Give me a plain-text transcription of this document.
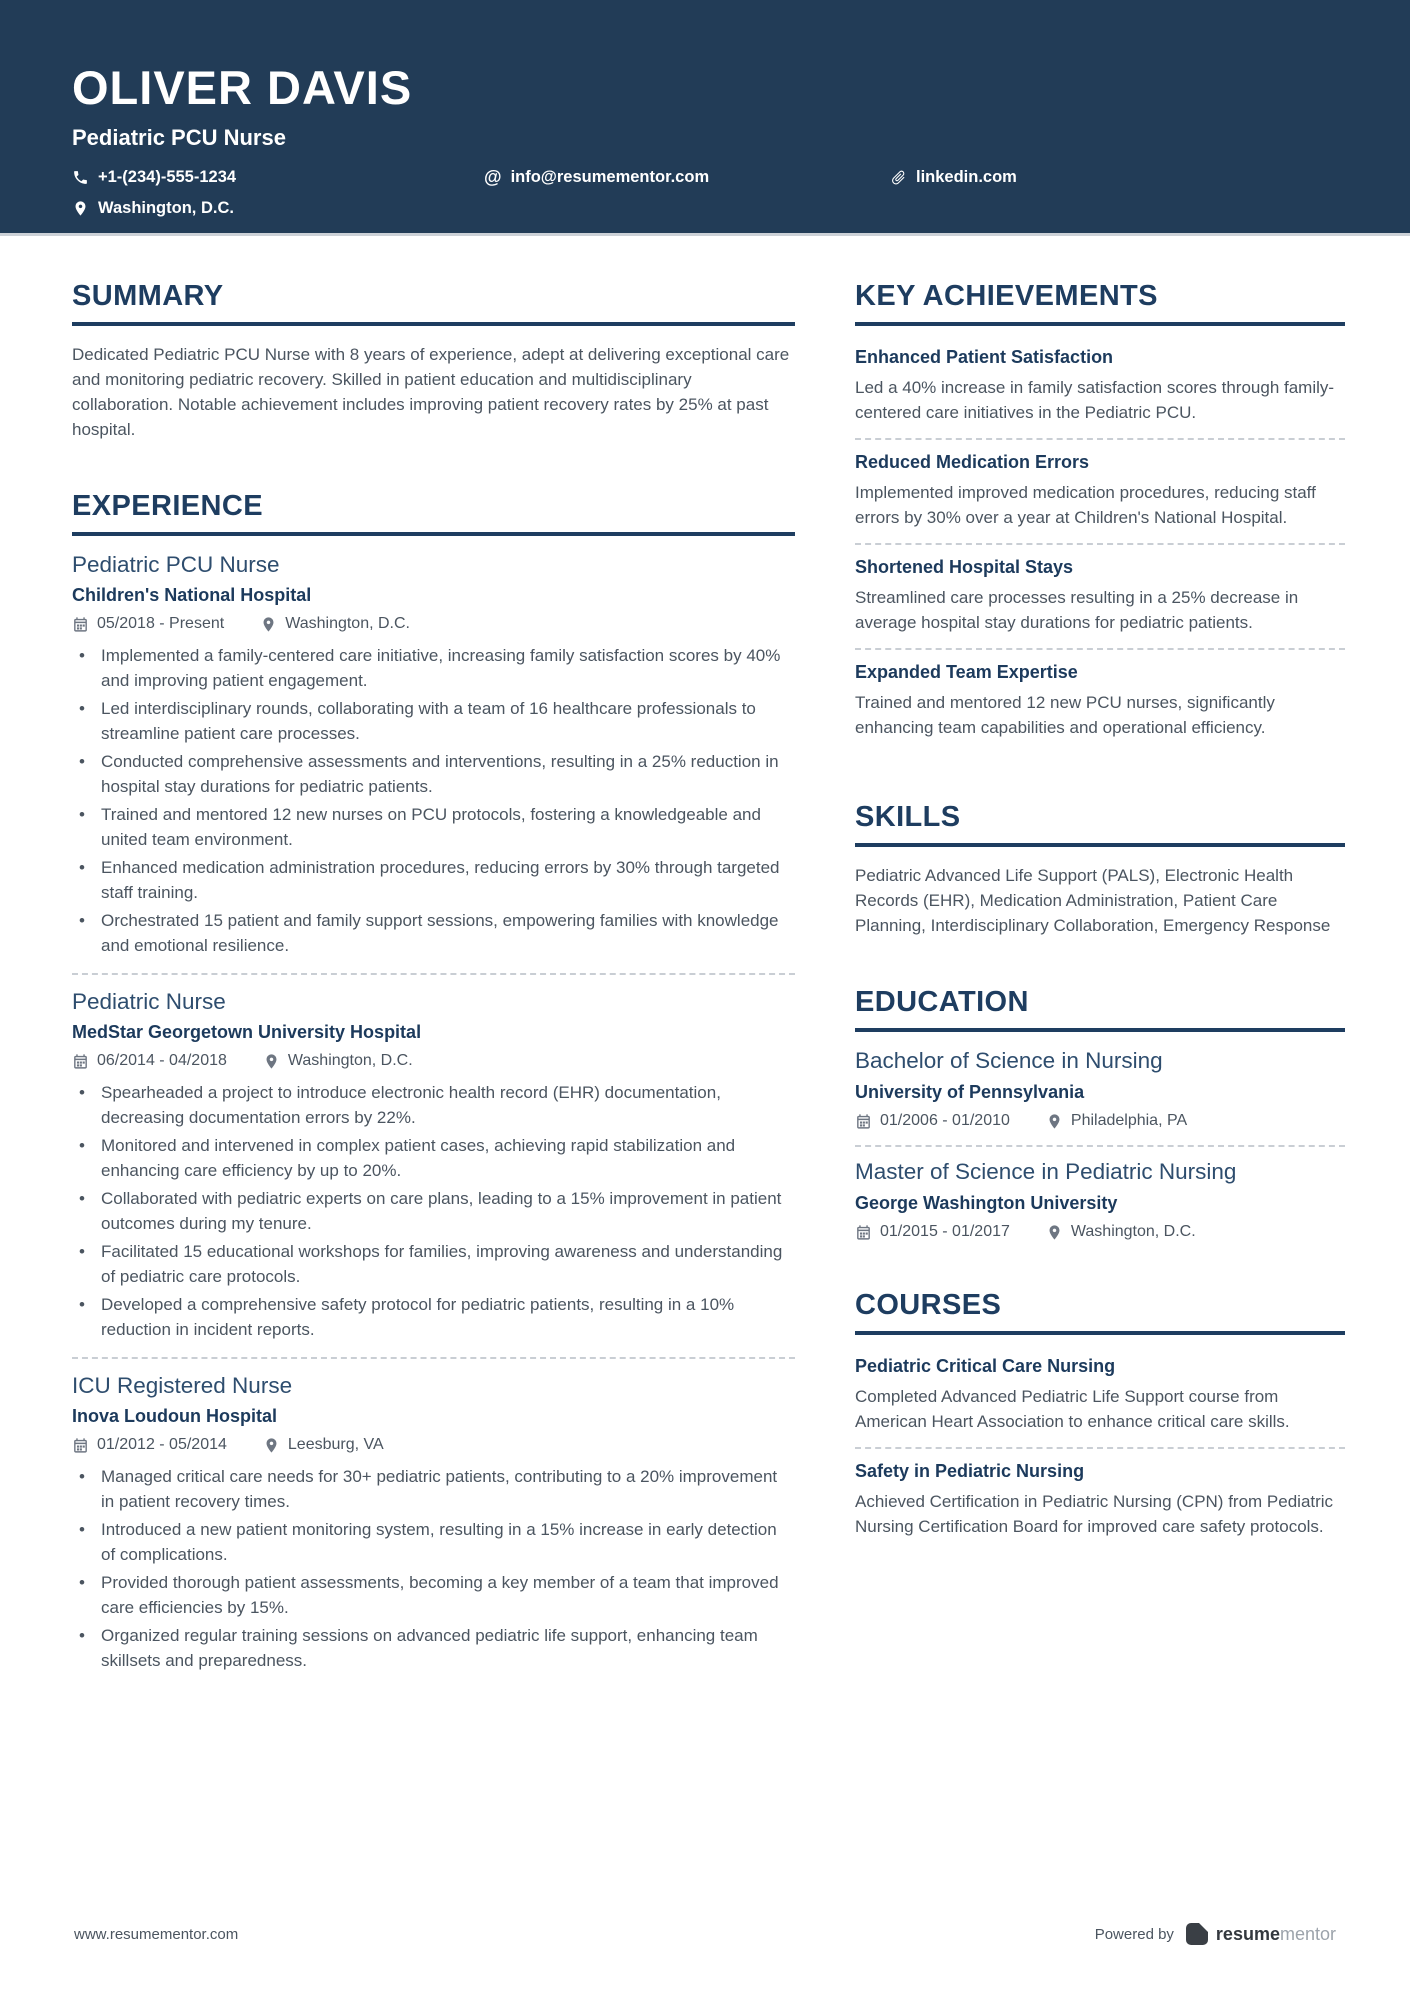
OLIVER DAVIS
Pediatric PCU Nurse
+1-(234)-555-1234	@ info@resumementor.com	linkedin.com
Washington, D.C.
SUMMARY

Dedicated Pediatric PCU Nurse with 8 years of experience, adept at delivering exceptional care and monitoring pediatric recovery. Skilled in patient education and multidisciplinary collaboration. Notable achievement includes improving patient recovery rates by 25% at past hospital.

EXPERIENCE
Pediatric PCU Nurse
Children's National Hospital
05/2018 - Present	Washington, D.C.
• Implemented a family-centered care initiative, increasing family satisfaction scores by 40% and improving patient engagement.
• Led interdisciplinary rounds, collaborating with a team of 16 healthcare professionals to streamline patient care processes.
• Conducted comprehensive assessments and interventions, resulting in a 25% reduction in hospital stay durations for pediatric patients.
• Trained and mentored 12 new nurses on PCU protocols, fostering a knowledgeable and united team environment.
• Enhanced medication administration procedures, reducing errors by 30% through targeted staff training.
• Orchestrated 15 patient and family support sessions, empowering families with knowledge and emotional resilience.
Pediatric Nurse
MedStar Georgetown University Hospital
06/2014 - 04/2018	Washington, D.C.
• Spearheaded a project to introduce electronic health record (EHR) documentation, decreasing documentation errors by 22%.
• Monitored and intervened in complex patient cases, achieving rapid stabilization and enhancing care efficiency by up to 20%.
• Collaborated with pediatric experts on care plans, leading to a 15% improvement in patient outcomes during my tenure.
• Facilitated 15 educational workshops for families, improving awareness and understanding of pediatric care protocols.
• Developed a comprehensive safety protocol for pediatric patients, resulting in a 10% reduction in incident reports.
ICU Registered Nurse
Inova Loudoun Hospital
01/2012 - 05/2014	Leesburg, VA
• Managed critical care needs for 30+ pediatric patients, contributing to a 20% improvement in patient recovery times.
• Introduced a new patient monitoring system, resulting in a 15% increase in early detection of complications.
• Provided thorough patient assessments, becoming a key member of a team that improved care efficiencies by 15%.
• Organized regular training sessions on advanced pediatric life support, enhancing team skillsets and preparedness.
KEY ACHIEVEMENTS
Enhanced Patient Satisfaction

Led a 40% increase in family satisfaction scores through family-centered care initiatives in the Pediatric PCU.

Reduced Medication Errors

Implemented improved medication procedures, reducing staff errors by 30% over a year at Children's National Hospital.

Shortened Hospital Stays

Streamlined care processes resulting in a 25% decrease in average hospital stay durations for pediatric patients.

Expanded Team Expertise

Trained and mentored 12 new PCU nurses, significantly enhancing team capabilities and operational efficiency.

SKILLS

Pediatric Advanced Life Support (PALS), Electronic Health Records (EHR), Medication Administration, Patient Care Planning, Interdisciplinary Collaboration, Emergency Response

EDUCATION
Bachelor of Science in Nursing
University of Pennsylvania
01/2006 - 01/2010	Philadelphia, PA
Master of Science in Pediatric Nursing
George Washington University
01/2015 - 01/2017	Washington, D.C.
COURSES
Pediatric Critical Care Nursing

Completed Advanced Pediatric Life Support course from American Heart Association to enhance critical care skills.

Safety in Pediatric Nursing

Achieved Certification in Pediatric Nursing (CPN) from Pediatric Nursing Certification Board for improved care safety protocols.

www.resumementor.com	Powered by resumementor
